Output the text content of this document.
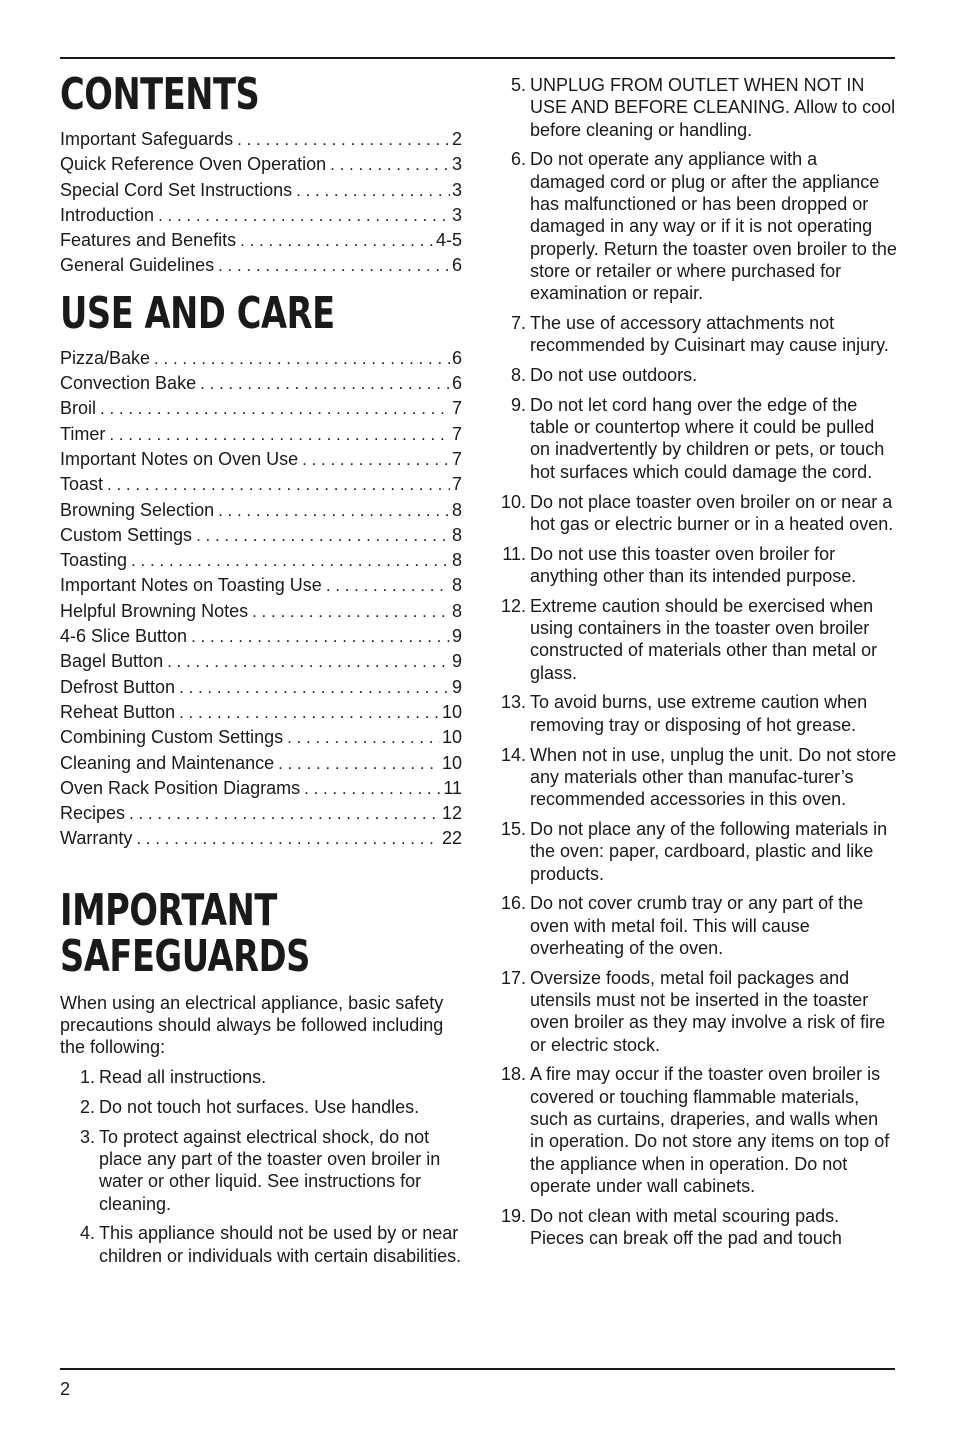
CONTENTS
Important Safeguards . . .	2
Quick Reference Oven Operation . . .	3
Special Cord Set Instructions . . .	3
Introduction . . .	3
Features and Benefits . . .	4-5
General Guidelines . . .	6
USE AND CARE
Pizza/Bake . . .	6
Convection Bake . . .	6
Broil . . .	7
Timer . . .	7
Important Notes on Oven Use . . .	7
Toast . . .	7
Browning Selection . . .	8
Custom Settings . . .	8
Toasting . . .	8
Important Notes on Toasting Use . . .	8
Helpful Browning Notes . . .	8
4-6 Slice Button . . .	9
Bagel Button . . .	9
Defrost Button . . .	9
Reheat Button . . .	10
Combining Custom Settings . . .	10
Cleaning and Maintenance . . .	10
Oven Rack Position Diagrams . . .	11
Recipes . . .	12
Warranty . . .	22
IMPORTANT
SAFEGUARDS

When using an electrical appliance, basic safety precautions should always be followed including the following:

1. Read all instructions.
2. Do not touch hot surfaces. Use handles.
3. To protect against electrical shock, do not place any part of the toaster oven broiler in water or other liquid. See instructions for cleaning.
4. This appliance should not be used by or near children or individuals with certain disabilities.
5. UNPLUG FROM OUTLET WHEN NOT IN USE AND BEFORE CLEANING. Allow to cool before cleaning or handling.
6. Do not operate any appliance with a damaged cord or plug or after the appliance has malfunctioned or has been dropped or damaged in any way or if it is not operating properly. Return the toaster oven broiler to the store or retailer or where purchased for examination or repair.
7. The use of accessory attachments not recommended by Cuisinart may cause injury.
8. Do not use outdoors.
9. Do not let cord hang over the edge of the table or countertop where it could be pulled on inadvertently by children or pets, or touch hot surfaces which could damage the cord.
10. Do not place toaster oven broiler on or near a hot gas or electric burner or in a heated oven.
11. Do not use this toaster oven broiler for anything other than its intended purpose.
12. Extreme caution should be exercised when using containers in the toaster oven broiler constructed of materials other than metal or glass.
13. To avoid burns, use extreme caution when removing tray or disposing of hot grease.
14. When not in use, unplug the unit. Do not store any materials other than manufac-turer’s recommended accessories in this oven.
15. Do not place any of the following materials in the oven: paper, cardboard, plastic and like products.
16. Do not cover crumb tray or any part of the oven with metal foil. This will cause overheating of the oven.
17. Oversize foods, metal foil packages and utensils must not be inserted in the toaster oven broiler as they may involve a risk of fire or electric stock.
18. A fire may occur if the toaster oven broiler is covered or touching flammable materials, such as curtains, draperies, and walls when in operation. Do not store any items on top of the appliance when in operation. Do not operate under wall cabinets.
19. Do not clean with metal scouring pads. Pieces can break off the pad and touch
2
